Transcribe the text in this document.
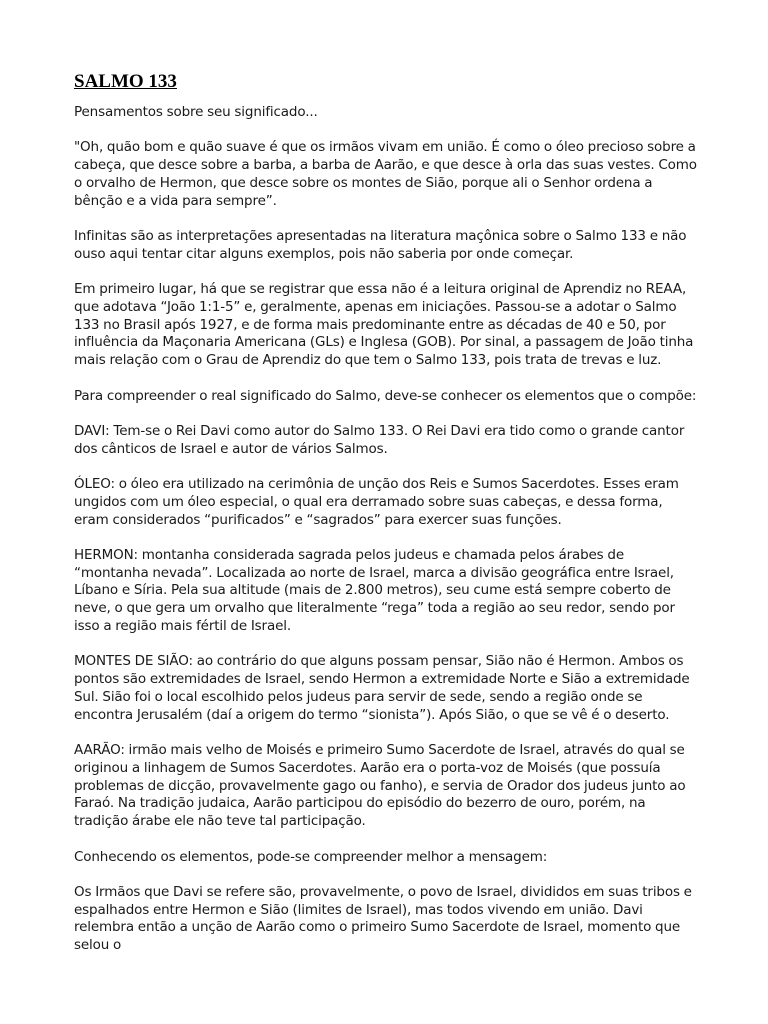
SALMO 133

Pensamentos sobre seu significado...

"Oh, quão bom e quão suave é que os irmãos vivam em união. É como o óleo precioso sobre a cabeça, que desce sobre a barba, a barba de Aarão, e que desce à orla das suas vestes. Como o orvalho de Hermon, que desce sobre os montes de Sião, porque ali o Senhor ordena a bênção e a vida para sempre”.

Infinitas são as interpretações apresentadas na literatura maçônica sobre o Salmo 133 e não ouso aqui tentar citar alguns exemplos, pois não saberia por onde começar.

Em primeiro lugar, há que se registrar que essa não é a leitura original de Aprendiz no REAA, que adotava “João 1:1-5” e, geralmente, apenas em iniciações. Passou-se a adotar o Salmo 133 no Brasil após 1927, e de forma mais predominante entre as décadas de 40 e 50, por influência da Maçonaria Americana (GLs) e Inglesa (GOB). Por sinal, a passagem de João tinha mais relação com o Grau de Aprendiz do que tem o Salmo 133, pois trata de trevas e luz.

Para compreender o real significado do Salmo, deve-se conhecer os elementos que o compõe:

DAVI: Tem-se o Rei Davi como autor do Salmo 133. O Rei Davi era tido como o grande cantor dos cânticos de Israel e autor de vários Salmos.

ÓLEO: o óleo era utilizado na cerimônia de unção dos Reis e Sumos Sacerdotes. Esses eram ungidos com um óleo especial, o qual era derramado sobre suas cabeças, e dessa forma, eram considerados “purificados” e “sagrados” para exercer suas funções.

HERMON: montanha considerada sagrada pelos judeus e chamada pelos árabes de “montanha nevada”. Localizada ao norte de Israel, marca a divisão geográfica entre Israel, Líbano e Síria. Pela sua altitude (mais de 2.800 metros), seu cume está sempre coberto de neve, o que gera um orvalho que literalmente “rega” toda a região ao seu redor, sendo por isso a região mais fértil de Israel.

MONTES DE SIÃO: ao contrário do que alguns possam pensar, Sião não é Hermon. Ambos os pontos são extremidades de Israel, sendo Hermon a extremidade Norte e Sião a extremidade Sul. Sião foi o local escolhido pelos judeus para servir de sede, sendo a região onde se encontra Jerusalém (daí a origem do termo “sionista”). Após Sião, o que se vê é o deserto.

AARÃO: irmão mais velho de Moisés e primeiro Sumo Sacerdote de Israel, através do qual se originou a linhagem de Sumos Sacerdotes. Aarão era o porta-voz de Moisés (que possuía problemas de dicção, provavelmente gago ou fanho), e servia de Orador dos judeus junto ao Faraó. Na tradição judaica, Aarão participou do episódio do bezerro de ouro, porém, na tradição árabe ele não teve tal participação.

Conhecendo os elementos, pode-se compreender melhor a mensagem:

Os Irmãos que Davi se refere são, provavelmente, o povo de Israel, divididos em suas tribos e espalhados entre Hermon e Sião (limites de Israel), mas todos vivendo em união. Davi relembra então a unção de Aarão como o primeiro Sumo Sacerdote de Israel, momento que selou o
